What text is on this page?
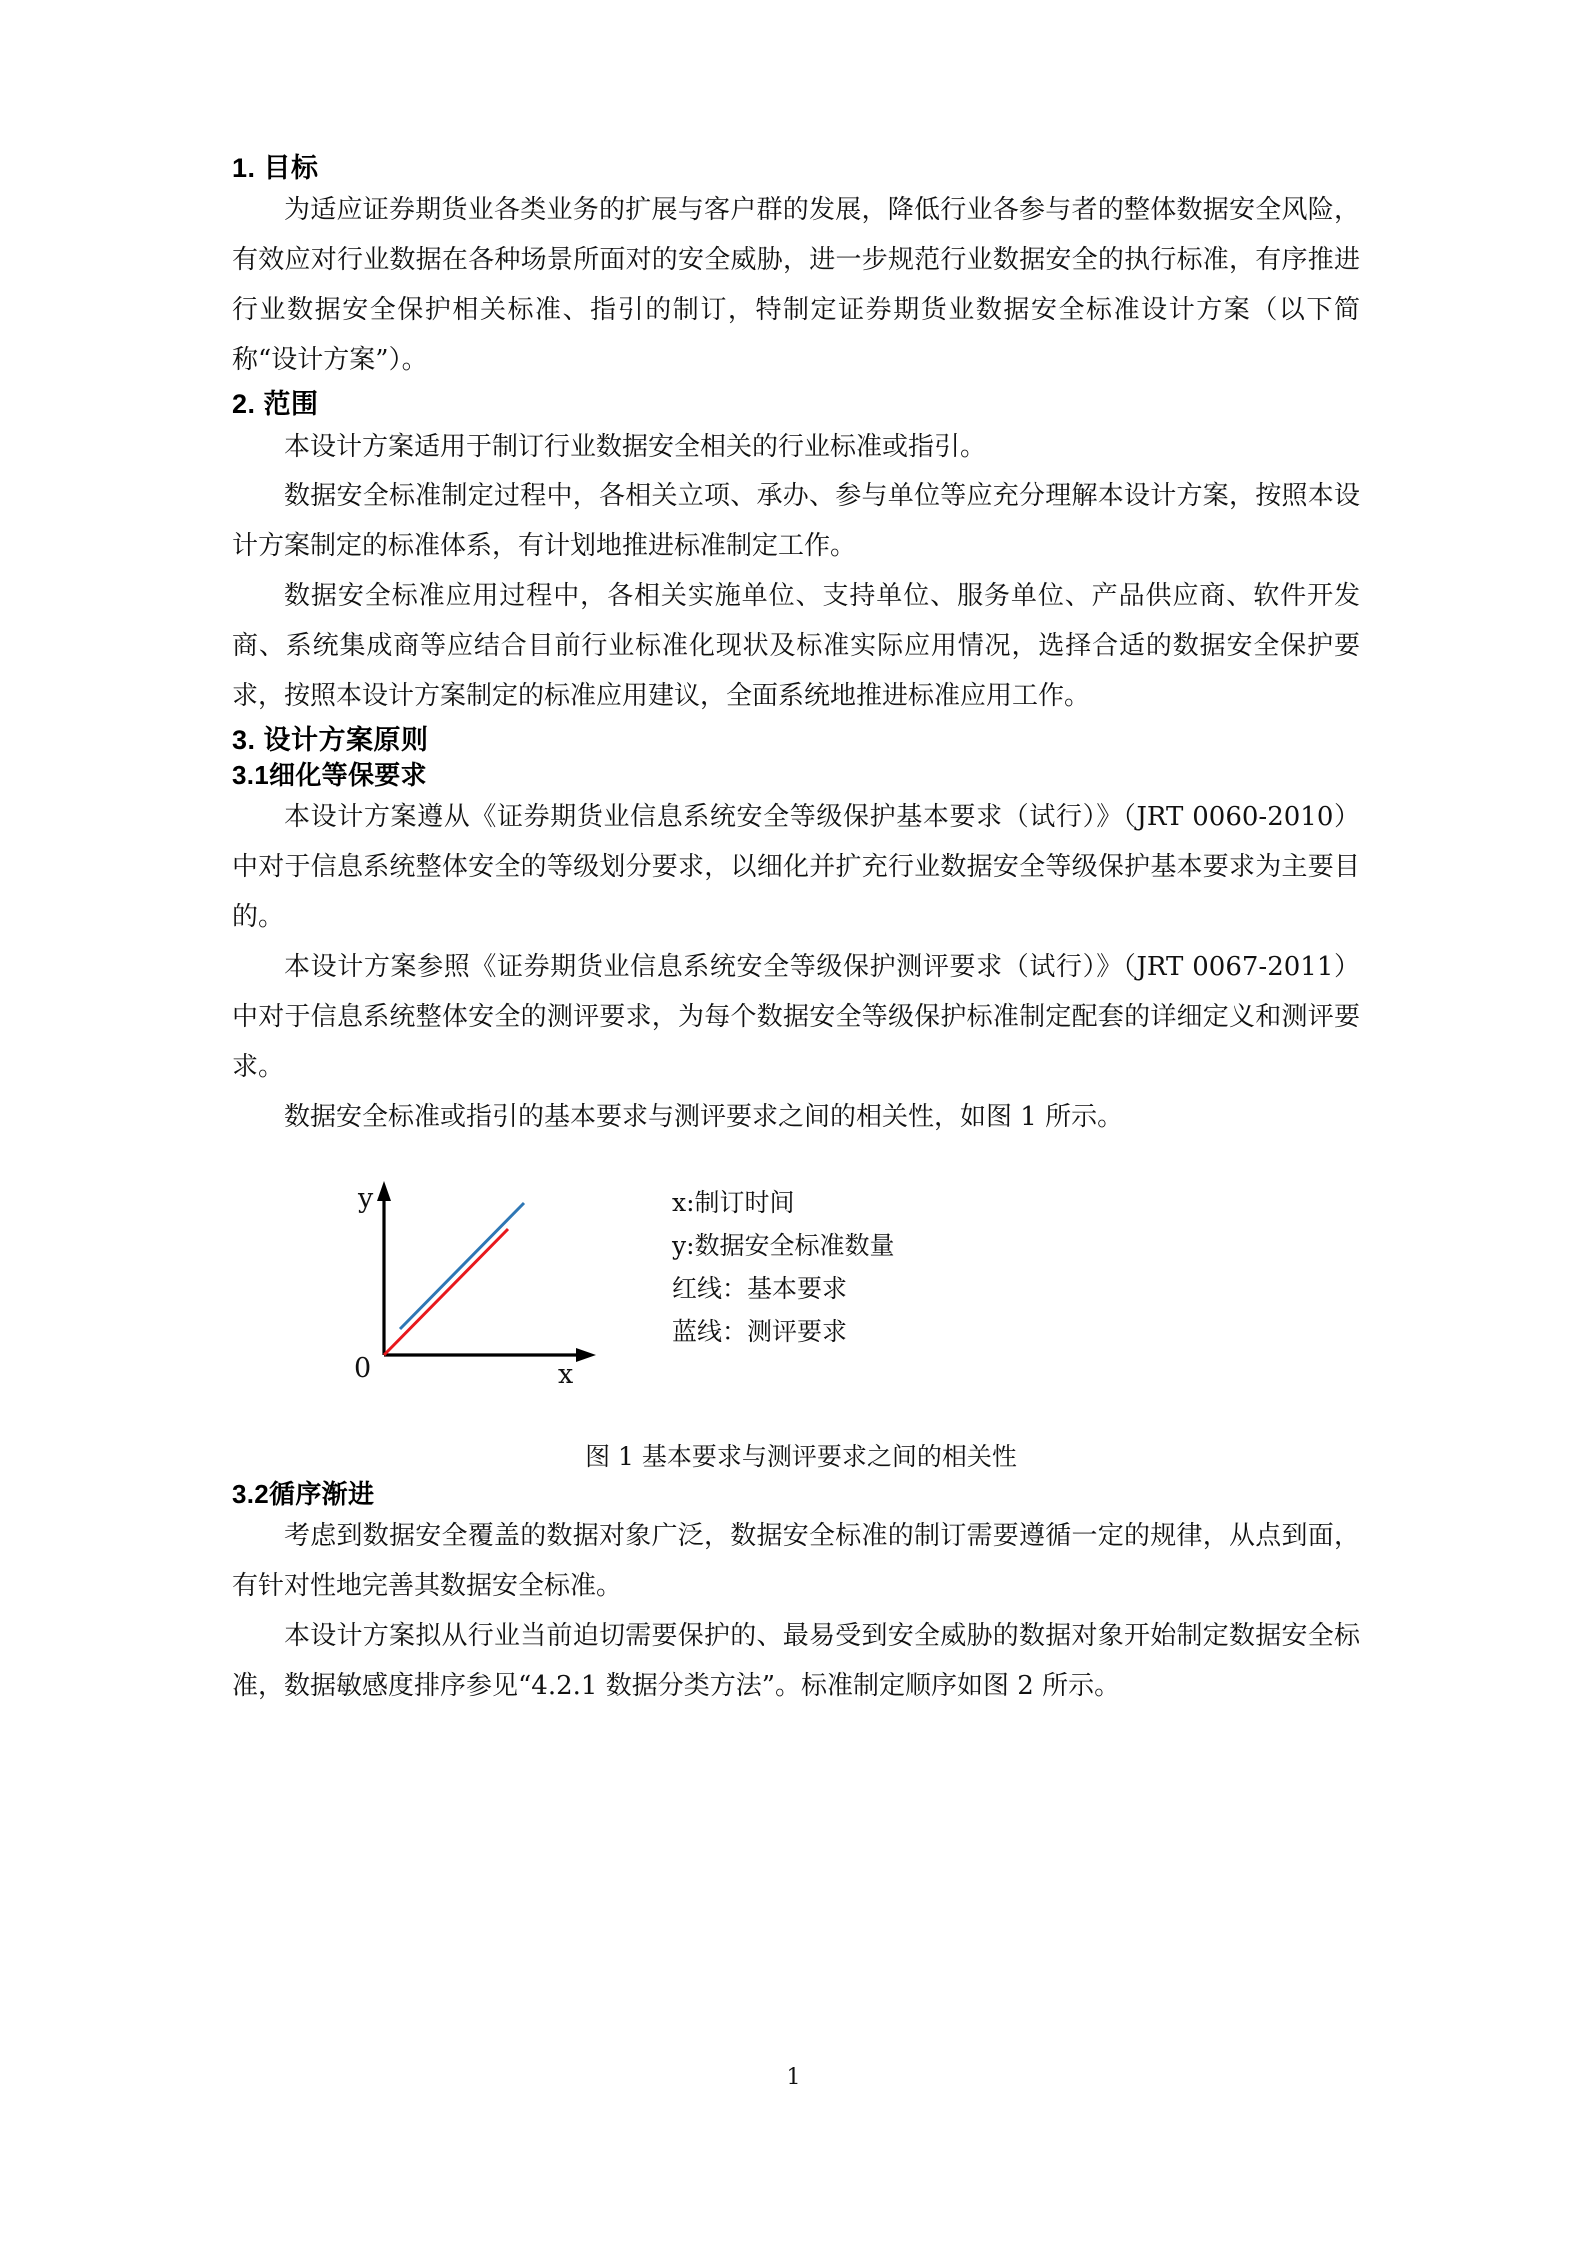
1. 目标

为适应证券期货业各类业务的扩展与客户群的发展，降低行业各参与者的整体数据安全风险，有效应对行业数据在各种场景所面对的安全威胁，进一步规范行业数据安全的执行标准，有序推进行业数据安全保护相关标准、指引的制订，特制定证券期货业数据安全标准设计方案（以下简称“设计方案”）。

2. 范围

本设计方案适用于制订行业数据安全相关的行业标准或指引。

数据安全标准制定过程中，各相关立项、承办、参与单位等应充分理解本设计方案，按照本设计方案制定的标准体系，有计划地推进标准制定工作。

数据安全标准应用过程中，各相关实施单位、支持单位、服务单位、产品供应商、软件开发商、系统集成商等应结合目前行业标准化现状及标准实际应用情况，选择合适的数据安全保护要求，按照本设计方案制定的标准应用建议，全面系统地推进标准应用工作。

3. 设计方案原则
3.1细化等保要求

本设计方案遵从《证券期货业信息系统安全等级保护基本要求（试行）》（JRT 0060-2010）中对于信息系统整体安全的等级划分要求，以细化并扩充行业数据安全等级保护基本要求为主要目的。

本设计方案参照《证券期货业信息系统安全等级保护测评要求（试行）》（JRT 0067-2011）中对于信息系统整体安全的测评要求，为每个数据安全等级保护标准制定配套的详细定义和测评要求。

数据安全标准或指引的基本要求与测评要求之间的相关性，如图 1 所示。

y
0	x
x:制订时间
y:数据安全标准数量
红线：基本要求
蓝线：测评要求
图 1 基本要求与测评要求之间的相关性
3.2循序渐进

考虑到数据安全覆盖的数据对象广泛，数据安全标准的制订需要遵循一定的规律，从点到面，有针对性地完善其数据安全标准。

本设计方案拟从行业当前迫切需要保护的、最易受到安全威胁的数据对象开始制定数据安全标准，数据敏感度排序参见“4.2.1 数据分类方法”。标准制定顺序如图 2 所示。

1
